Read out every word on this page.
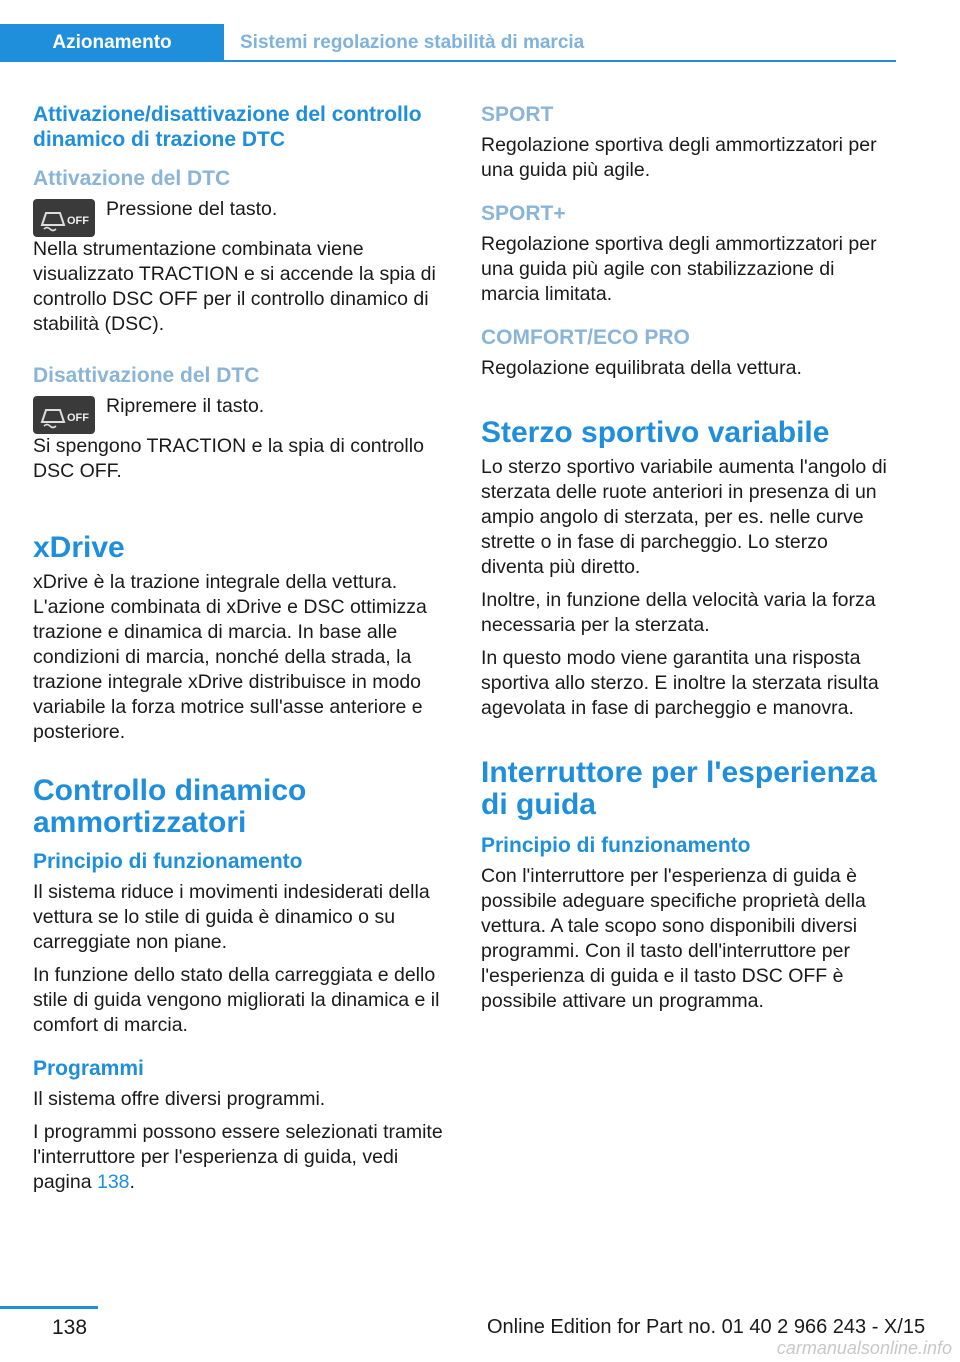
Azionamento	Sistemi regolazione stabilità di marcia
Attivazione/disattivazione del controllo dinamico di trazione DTC
Attivazione del DTC
OFF

Pressione del tasto.

Nella strumentazione combinata viene visualizzato TRACTION e si accende la spia di controllo DSC OFF per il controllo dinamico di stabilità (DSC).

Disattivazione del DTC
OFF

Ripremere il tasto.

Si spengono TRACTION e la spia di controllo DSC OFF.

xDrive

xDrive è la trazione integrale della vettura. L'azione combinata di xDrive e DSC ottimizza trazione e dinamica di marcia. In base alle condizioni di marcia, nonché della strada, la trazione integrale xDrive distribuisce in modo variabile la forza motrice sull'asse anteriore e posteriore.

Controllo dinamico ammortizzatori
Principio di funzionamento

Il sistema riduce i movimenti indesiderati della vettura se lo stile di guida è dinamico o su carreggiate non piane.

In funzione dello stato della carreggiata e dello stile di guida vengono migliorati la dinamica e il comfort di marcia.

Programmi

Il sistema offre diversi programmi.

I programmi possono essere selezionati tramite l'interruttore per l'esperienza di guida, vedi pagina 138.

SPORT

Regolazione sportiva degli ammortizzatori per una guida più agile.

SPORT+

Regolazione sportiva degli ammortizzatori per una guida più agile con stabilizzazione di marcia limitata.

COMFORT/ECO PRO

Regolazione equilibrata della vettura.

Sterzo sportivo variabile

Lo sterzo sportivo variabile aumenta l'angolo di sterzata delle ruote anteriori in presenza di un ampio angolo di sterzata, per es. nelle curve strette o in fase di parcheggio. Lo sterzo diventa più diretto.

Inoltre, in funzione della velocità varia la forza necessaria per la sterzata.

In questo modo viene garantita una risposta sportiva allo sterzo. E inoltre la sterzata risulta agevolata in fase di parcheggio e manovra.

Interruttore per l'esperienza di guida
Principio di funzionamento

Con l'interruttore per l'esperienza di guida è possibile adeguare specifiche proprietà della vettura. A tale scopo sono disponibili diversi programmi. Con il tasto dell'interruttore per l'esperienza di guida e il tasto DSC OFF è possibile attivare un programma.

138	Online Edition for Part no. 01 40 2 966 243 - X/15
carmanualsonline.info
